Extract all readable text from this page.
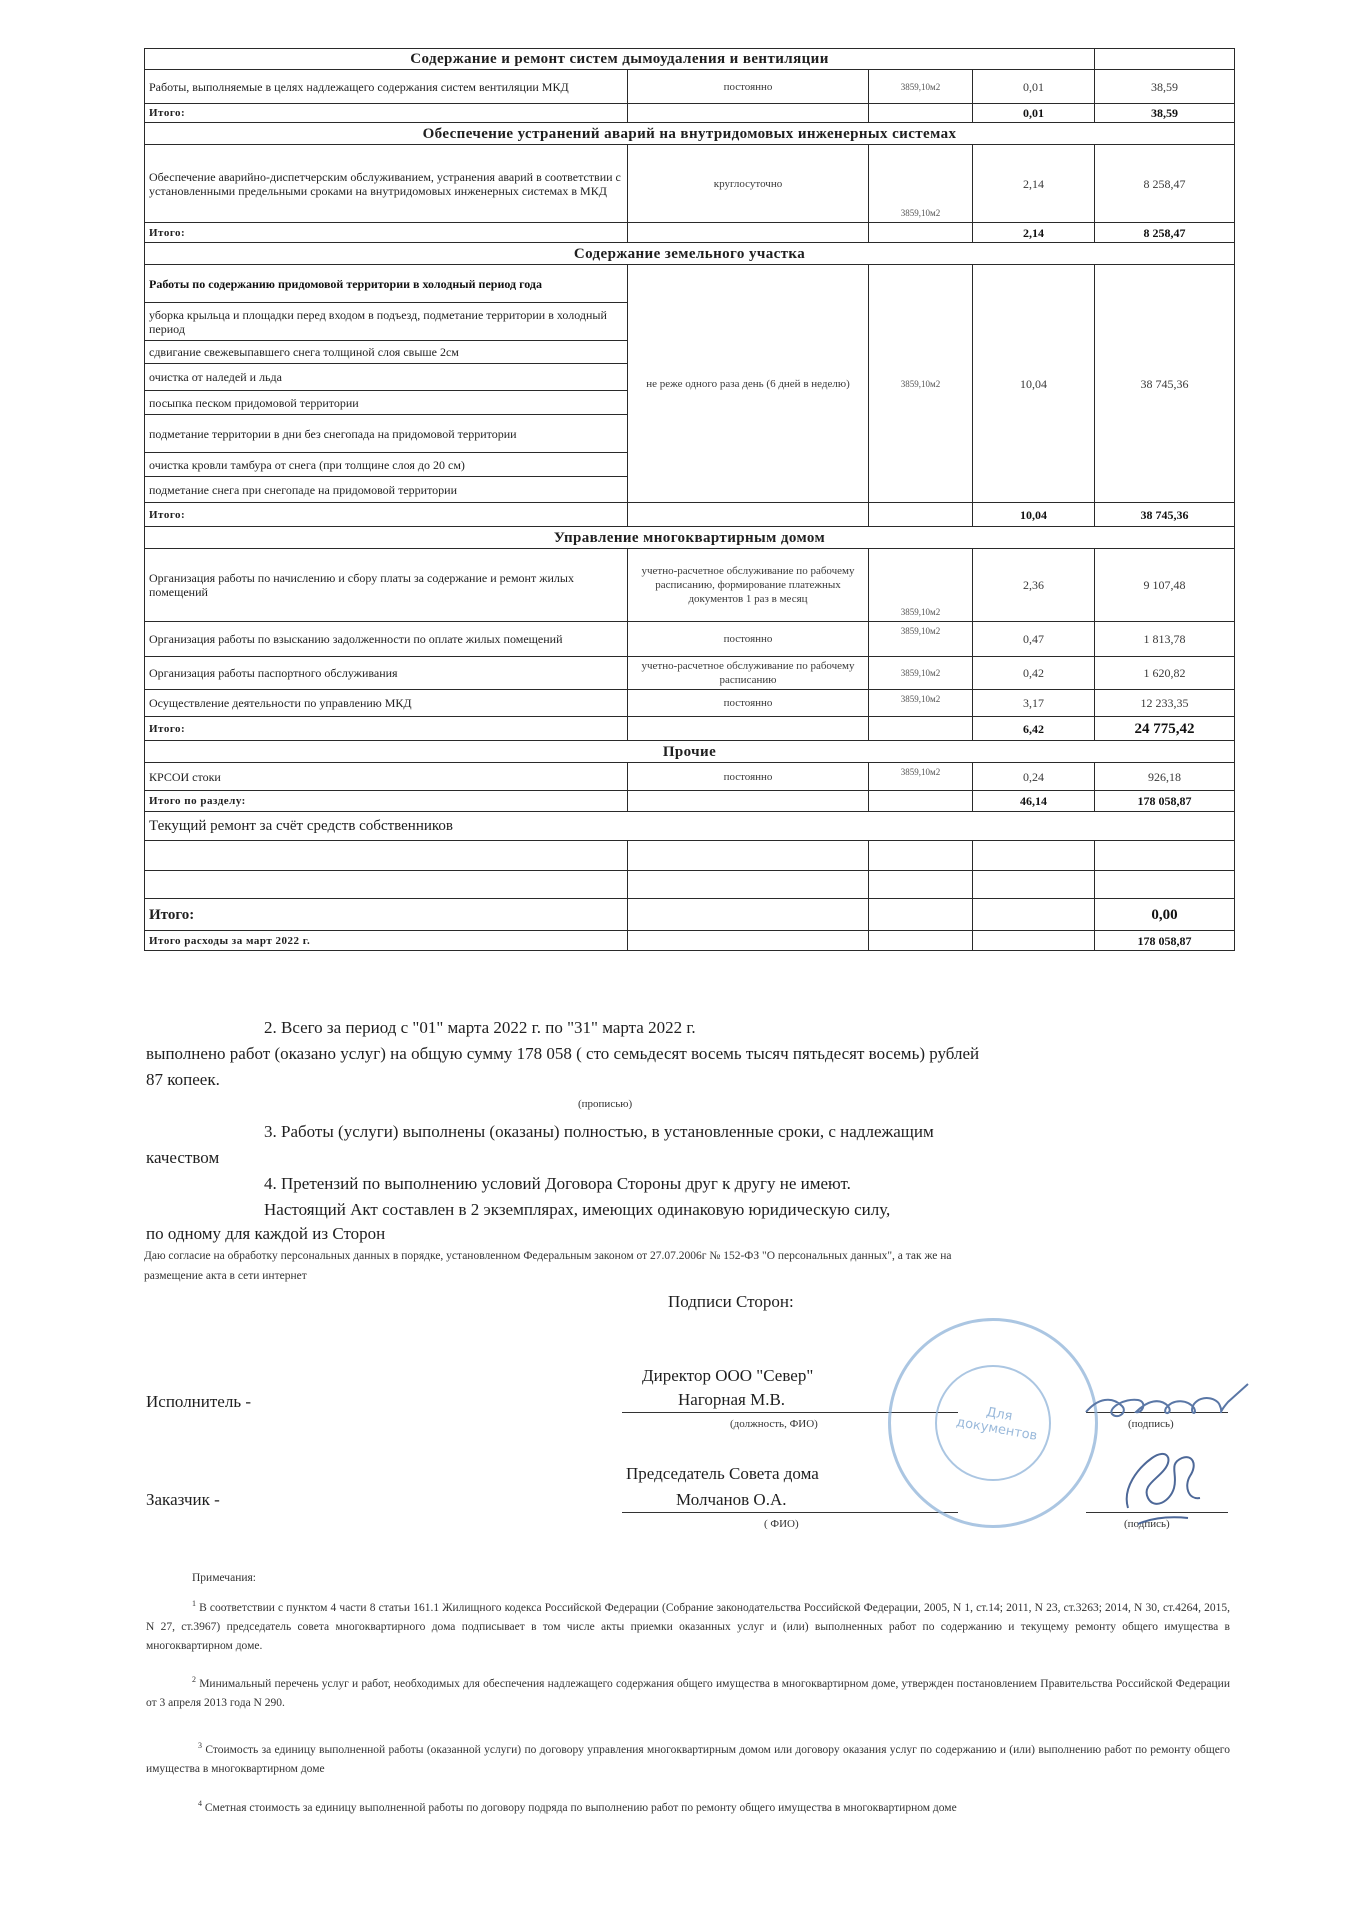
Содержание и ремонт систем дымоудаления и вентиляции				
Работы, выполняемые в целях надлежащего содержания систем вентиляции МКД	постоянно	3859,10м2	0,01	38,59
Итого:			0,01	38,59
Обеспечение устранений аварий на внутридомовых инженерных системах				
Обеспечение аварийно-диспетчерским обслуживанием, устранения аварий в соответствии с установленными предельными сроками на внутридомовых инженерных системах в МКД	круглосуточно	3859,10м2	2,14	8 258,47
Итого:			2,14	8 258,47
Содержание земельного участка				
Работы по содержанию придомовой территории в холодный период года	не реже одного раза день (6 дней в неделю)	3859,10м2	10,04	38 745,36
уборка крыльца и площадки перед входом в подъезд, подметание территории в холодный период				
сдвигание свежевыпавшего снега толщиной слоя свыше 2см				
очистка от наледей и льда				
посыпка песком придомовой территории				
подметание территории в дни без снегопада на придомовой территории				
очистка кровли тамбура от снега (при толщине слоя до 20 см)				
подметание снега при снегопаде на придомовой территории				
Итого:			10,04	38 745,36
Управление многоквартирным домом				
Организация работы по начислению и сбору платы за содержание и ремонт жилых помещений	учетно-расчетное обслуживание по рабочему расписанию, формирование платежных документов 1 раз в месяц	3859,10м2	2,36	9 107,48
Организация работы по взысканию задолженности по оплате жилых помещений	постоянно	3859,10м2	0,47	1 813,78
Организация работы паспортного обслуживания	учетно-расчетное обслуживание по рабочему расписанию	3859,10м2	0,42	1 620,82
Осуществление деятельности по управлению МКД	постоянно	3859,10м2	3,17	12 233,35
Итого:			6,42	24 775,42
Прочие				
КРСОИ стоки	постоянно	3859,10м2	0,24	926,18
Итого по разделу:			46,14	178 058,87
Текущий ремонт за счёт средств собственников				

Итого:				0,00
Итого расходы за март 2022 г.				178 058,87
2. Всего за период с "01" марта 2022 г. по "31" марта 2022 г.
выполнено работ (оказано услуг) на общую сумму 178 058 ( сто семьдесят восемь тысяч пятьдесят восемь) рублей
87 копеек.
(прописью)
3. Работы (услуги) выполнены (оказаны) полностью, в установленные сроки, с надлежащим
качеством
4. Претензий по выполнению условий Договора Стороны друг к другу не имеют.
Настоящий Акт составлен в 2 экземплярах, имеющих одинаковую юридическую силу,
по одному для каждой из Сторон
Даю согласие на обработку персональных данных в порядке, установленном Федеральным законом от 27.07.2006г № 152-ФЗ "О персональных данных", а так же на
размещение акта в сети интернет
Подписи Сторон:
Исполнитель -
Директор ООО "Север"
Нагорная М.В.
(должность, ФИО)	(подпись)
Заказчик -
Председатель Совета дома
Молчанов О.А.
( ФИО)	(подпись)
Для документов
Примечания:
$^1$ В соответствии с пунктом 4 части 8 статьи 161.1 Жилищного кодекса Российской Федерации (Собрание законодательства Российской Федерации, 2005, N 1, ст.14; 2011, N 23, ст.3263; 2014, N 30, ст.4264, 2015, N 27, ст.3967) председатель совета многоквартирного дома подписывает в том числе акты приемки оказанных услуг и (или) выполненных работ по содержанию и текущему ремонту общего имущества в многоквартирном доме.
$^2$ Минимальный перечень услуг и работ, необходимых для обеспечения надлежащего содержания общего имущества в многоквартирном доме, утвержден постановлением Правительства Российской Федерации от 3 апреля 2013 года N 290.
$^3$ Стоимость за единицу выполненной работы (оказанной услуги) по договору управления многоквартирным домом или договору оказания услуг по содержанию и (или) выполнению работ по ремонту общего имущества в многоквартирном доме
$^4$ Сметная стоимость за единицу выполненной работы по договору подряда по выполнению работ по ремонту общего имущества в многоквартирном доме
